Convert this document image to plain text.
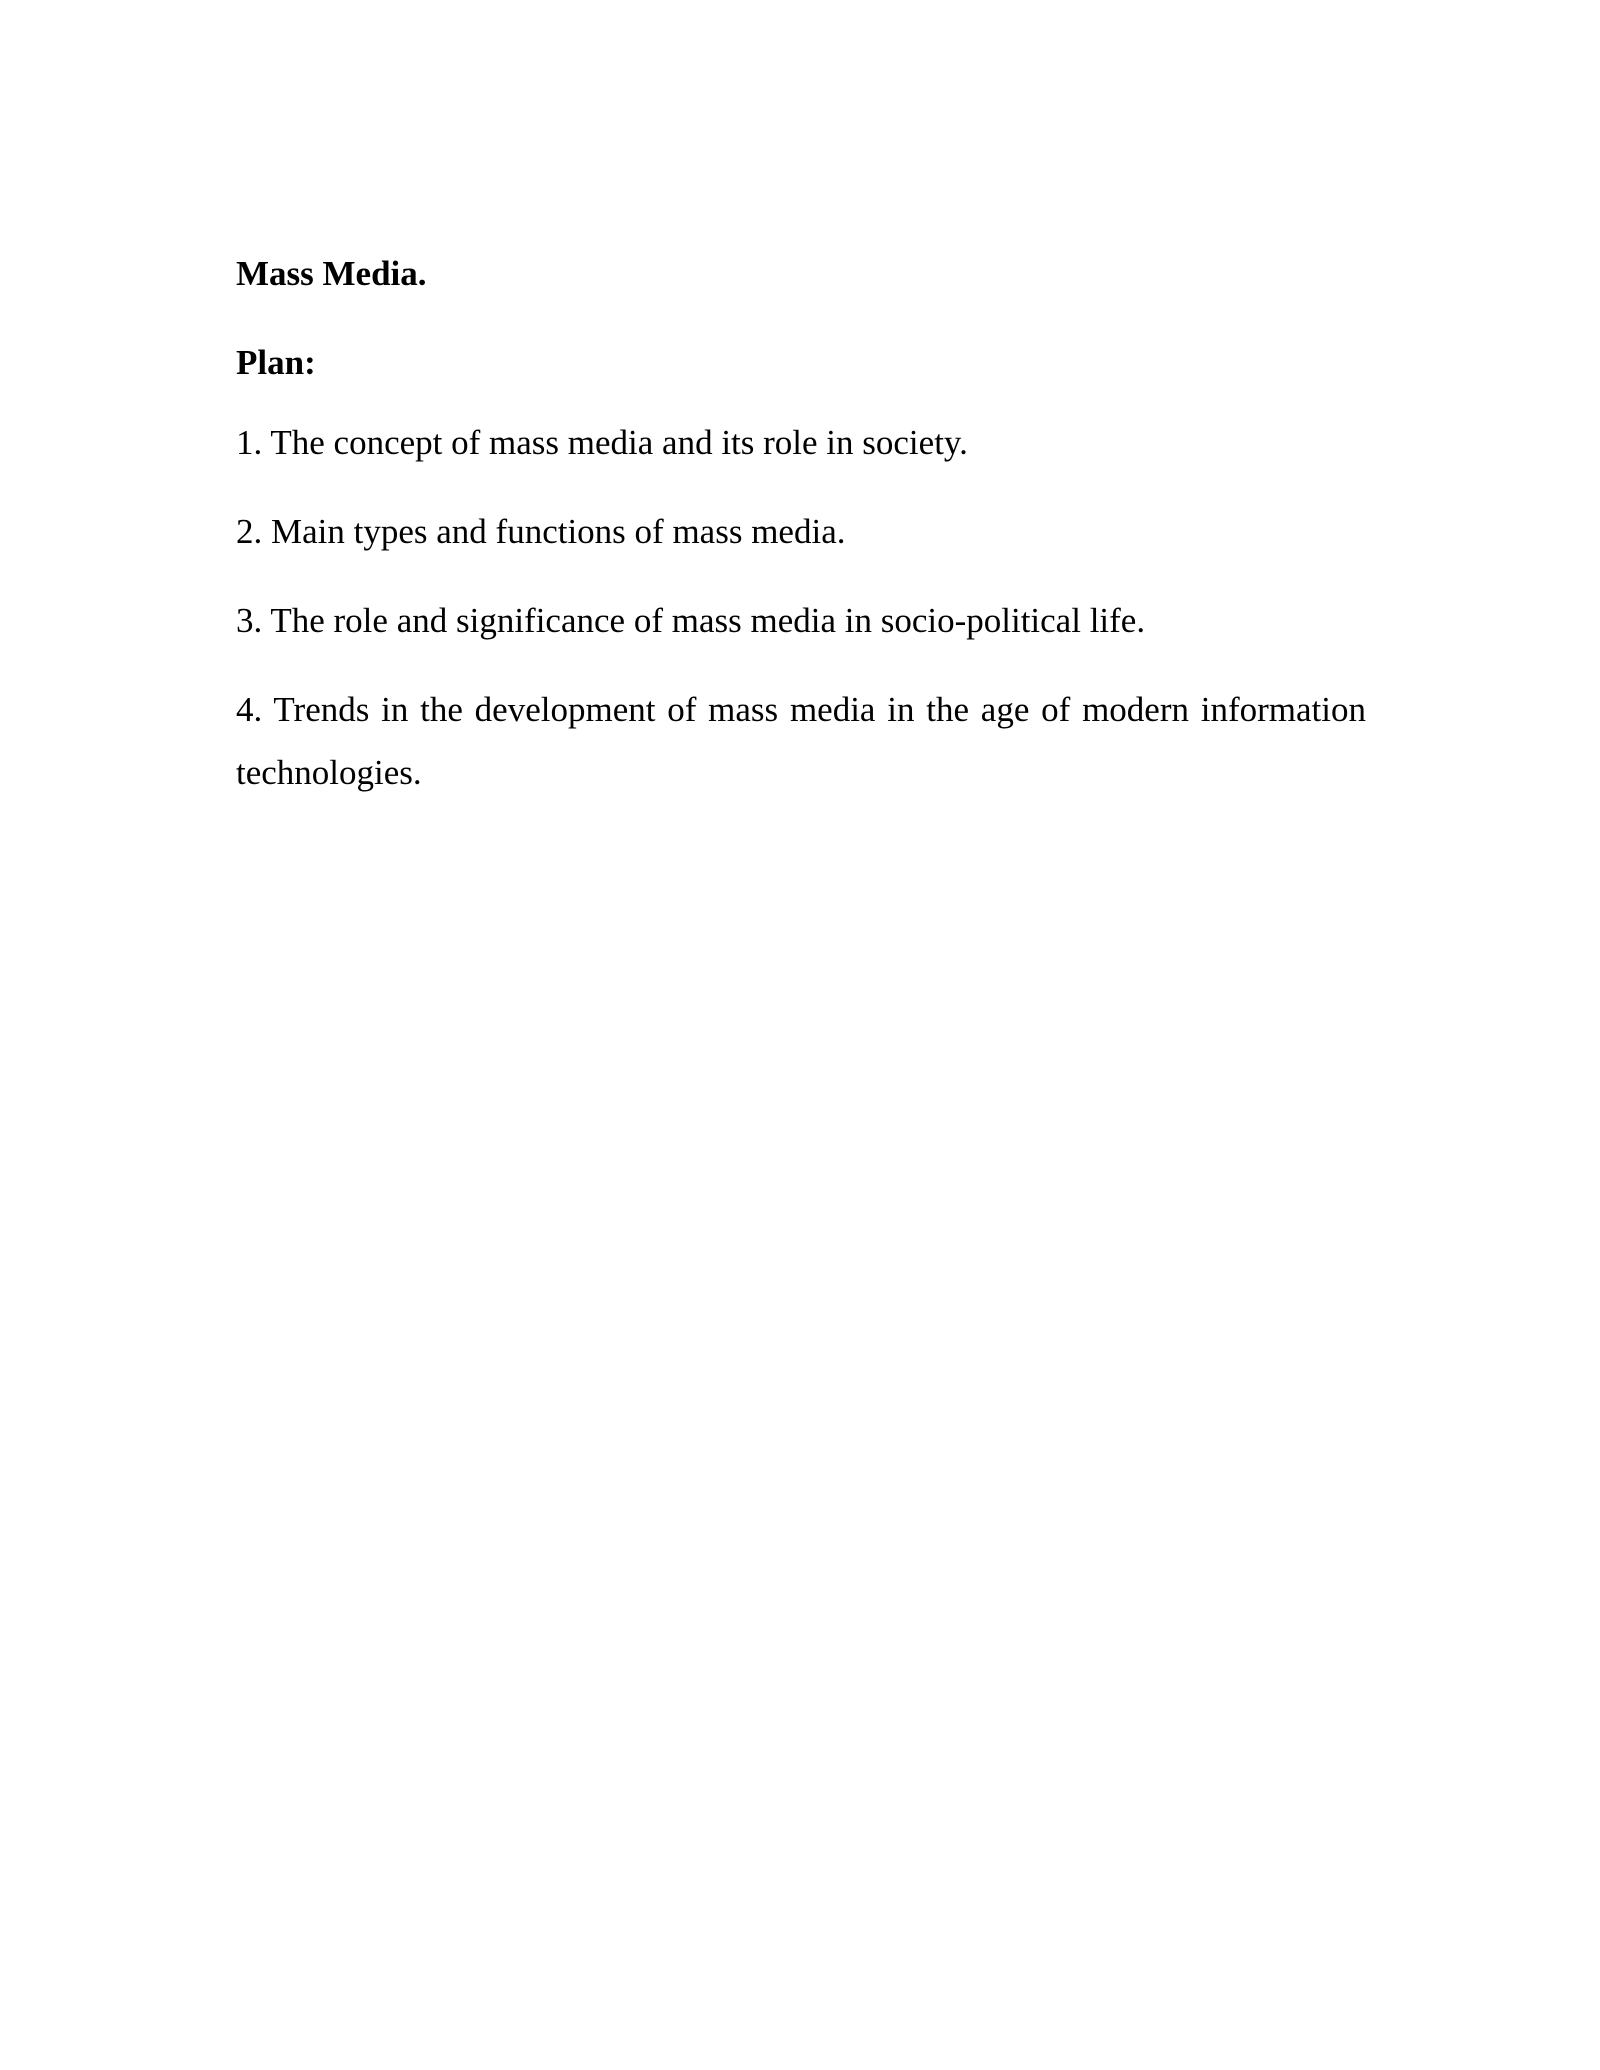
Mass Media.
Plan:
1. The concept of mass media and its role in society.
2. Main types and functions of mass media.
3. The role and significance of mass media in socio-political life.
4. Trends in the development of mass media in the age of modern information technologies.
